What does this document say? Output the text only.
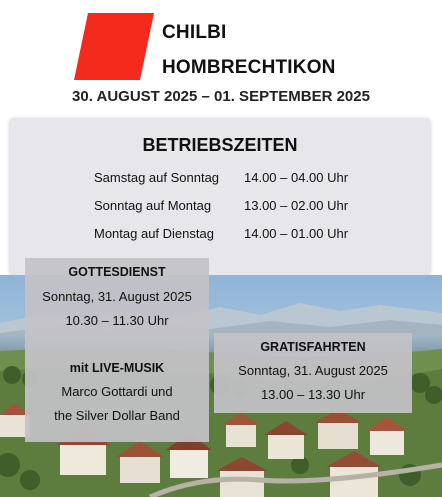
CHILBI
HOMBRECHTIKON
30. AUGUST 2025 – 01. SEPTEMBER 2025
BETRIEBSZEITEN
Samstag auf Sonntag 14.00 – 04.00 Uhr
Sonntag auf Montag	13.00 – 02.00 Uhr
Montag auf Dienstag 14.00 – 01.00 Uhr
GOTTESDIENST
Sonntag, 31. August 2025
10.30 – 11.30 Uhr
mit LIVE-MUSIK
Marco Gottardi und
the Silver Dollar Band
GRATISFAHRTEN
Sonntag, 31. August 2025
13.00 – 13.30 Uhr
